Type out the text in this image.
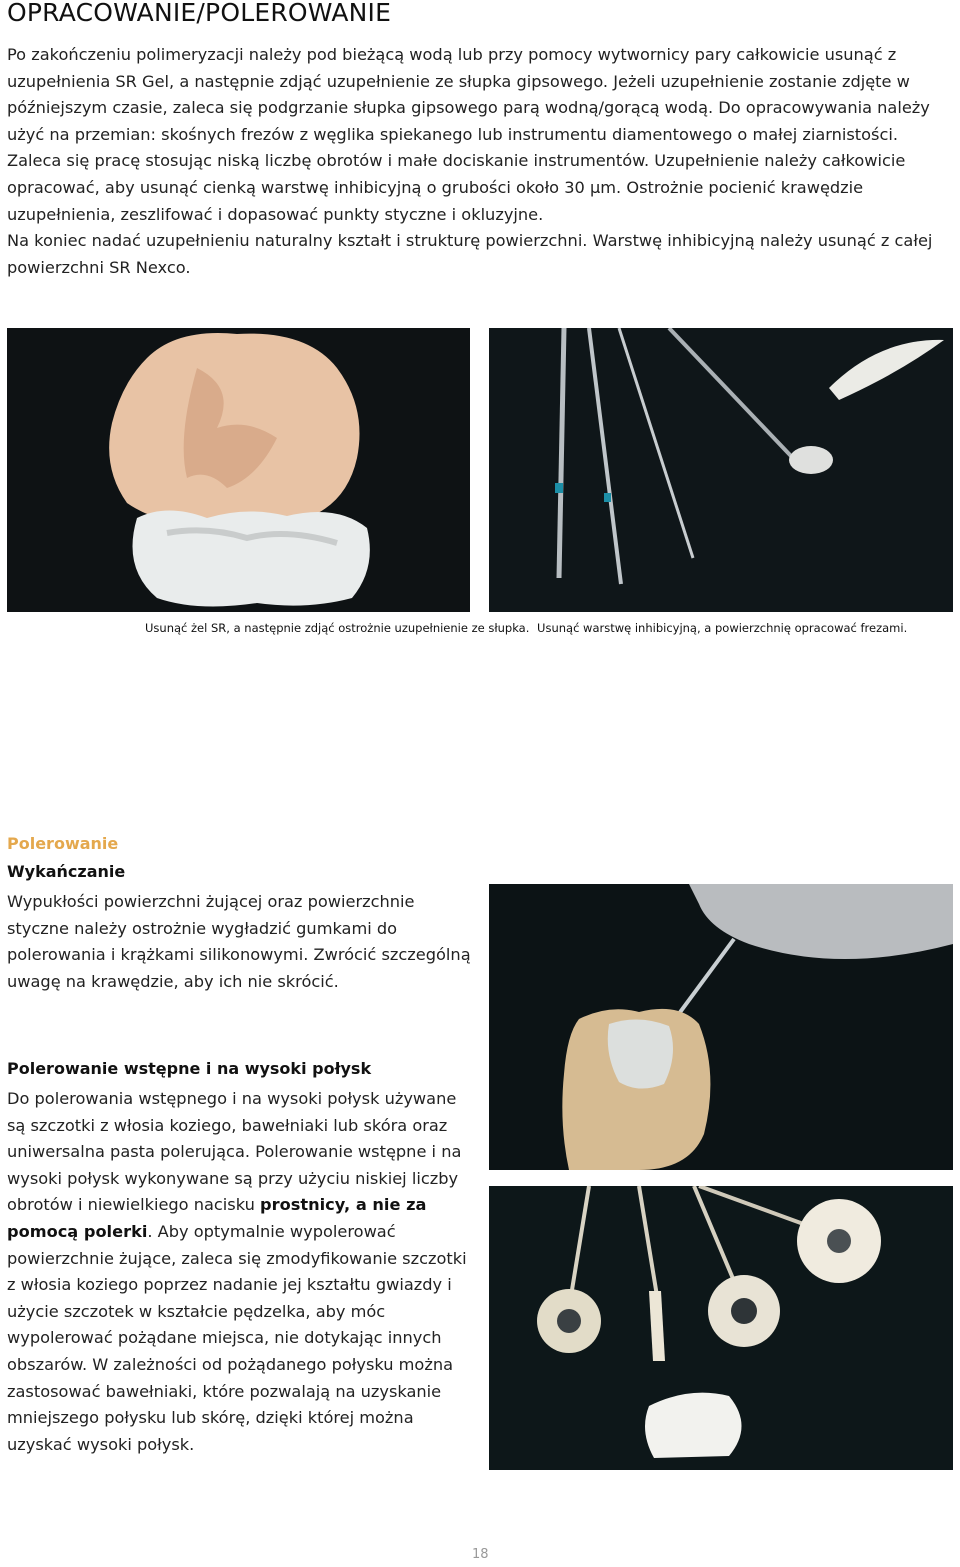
OPRACOWANIE/POLEROWANIE

Po zakończeniu polimeryzacji należy pod bieżącą wodą lub przy pomocy wytwornicy pary całkowicie usunąć z uzupełnienia SR Gel, a następnie zdjąć uzupełnienie ze słupka gipsowego. Jeżeli uzupełnienie zostanie zdjęte w późniejszym czasie, zaleca się podgrzanie słupka gipsowego parą wodną/gorącą wodą. Do opracowywania należy użyć na przemian: skośnych frezów z węglika spiekanego lub instrumentu diamentowego o małej ziarnistości. Zaleca się pracę stosując niską liczbę obrotów i małe dociskanie instrumentów. Uzupełnienie należy całkowicie opracować, aby usunąć cienką warstwę inhibicyjną o grubości około 30 µm. Ostrożnie pocienić krawędzie uzupełnienia, zeszlifować i dopasować punkty styczne i okluzyjne.

Na koniec nadać uzupełnieniu naturalny kształt i strukturę powierzchni. Warstwę inhibicyjną należy usunąć z całej powierzchni SR Nexco.

Usunąć żel SR, a następnie zdjąć ostrożnie uzupełnienie ze słupka. Usunąć warstwę inhibicyjną, a powierzchnię opracować frezami.
Polerowanie
Wykańczanie

Wypukłości powierzchni żującej oraz powierzchnie styczne należy ostrożnie wygładzić gumkami do polerowania i krążkami silikonowymi. Zwrócić szczególną uwagę na krawędzie, aby ich nie skrócić.

Polerowanie wstępne i na wysoki połysk

Do polerowania wstępnego i na wysoki połysk używane są szczotki z włosia koziego, bawełniaki lub skóra oraz uniwersalna pasta polerująca. Polerowanie wstępne i na wysoki połysk wykonywane są przy użyciu niskiej liczby obrotów i niewielkiego nacisku prostnicy, a nie za pomocą polerki. Aby optymalnie wypolerować powierzchnie żujące, zaleca się zmodyfikowanie szczotki z włosia koziego poprzez nadanie jej kształtu gwiazdy i użycie szczotek w kształcie pędzelka, aby móc wypolerować pożądane miejsca, nie dotykając innych obszarów. W zależności od pożądanego połysku można zastosować bawełniaki, które pozwalają na uzyskanie mniejszego połysku lub skórę, dzięki której można uzyskać wysoki połysk.

18
